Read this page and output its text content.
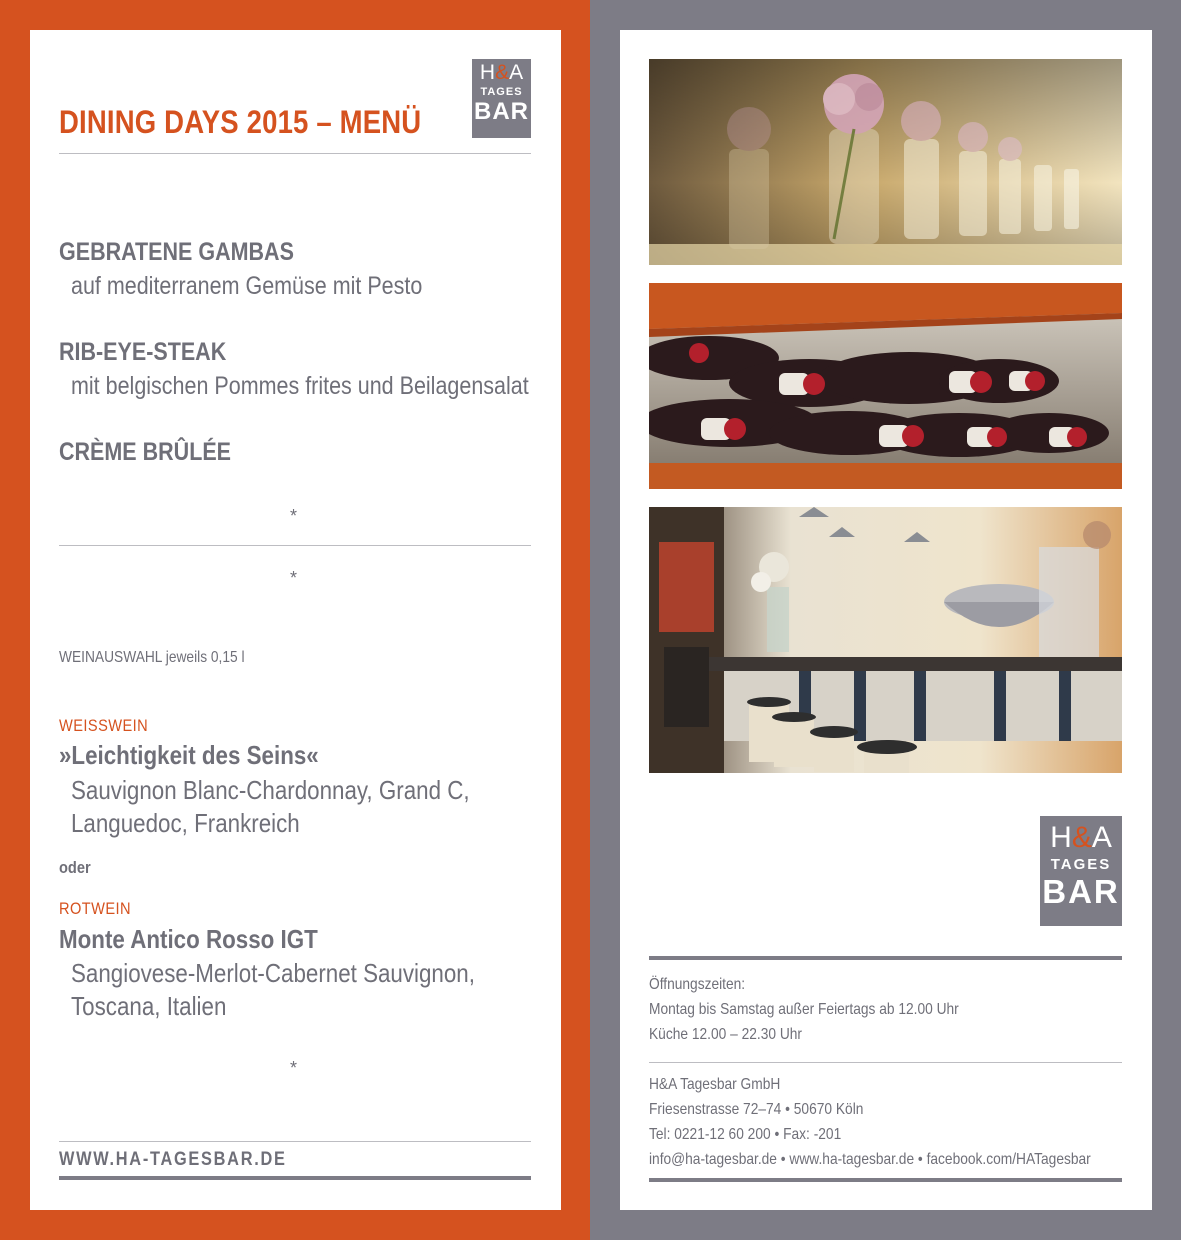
DINING DAYS 2015 – MENÜ
H&A
TAGES
BAR
GEBRATENE GAMBAS
auf mediterranem Gemüse mit Pesto
RIB-EYE-STEAK
mit belgischen Pommes frites und Beilagensalat
CRÈME BRÛLÉE
*
*
WEINAUSWAHL jeweils 0,15 l
WEISSWEIN
»Leichtigkeit des Seins«
Sauvignon Blanc-Chardonnay, Grand C,
Languedoc, Frankreich
oder
ROTWEIN
Monte Antico Rosso IGT
Sangiovese-Merlot-Cabernet Sauvignon,
Toscana, Italien
*
WWW.HA-TAGESBAR.DE
H&A
TAGES
BAR
Öffnungszeiten:
Montag bis Samstag außer Feiertags ab 12.00 Uhr
Küche 12.00 – 22.30 Uhr
H&A Tagesbar GmbH
Friesenstrasse 72–74 • 50670 Köln
Tel: 0221-12 60 200 • Fax: -201
info@ha-tagesbar.de • www.ha-tagesbar.de • facebook.com/HATagesbar
